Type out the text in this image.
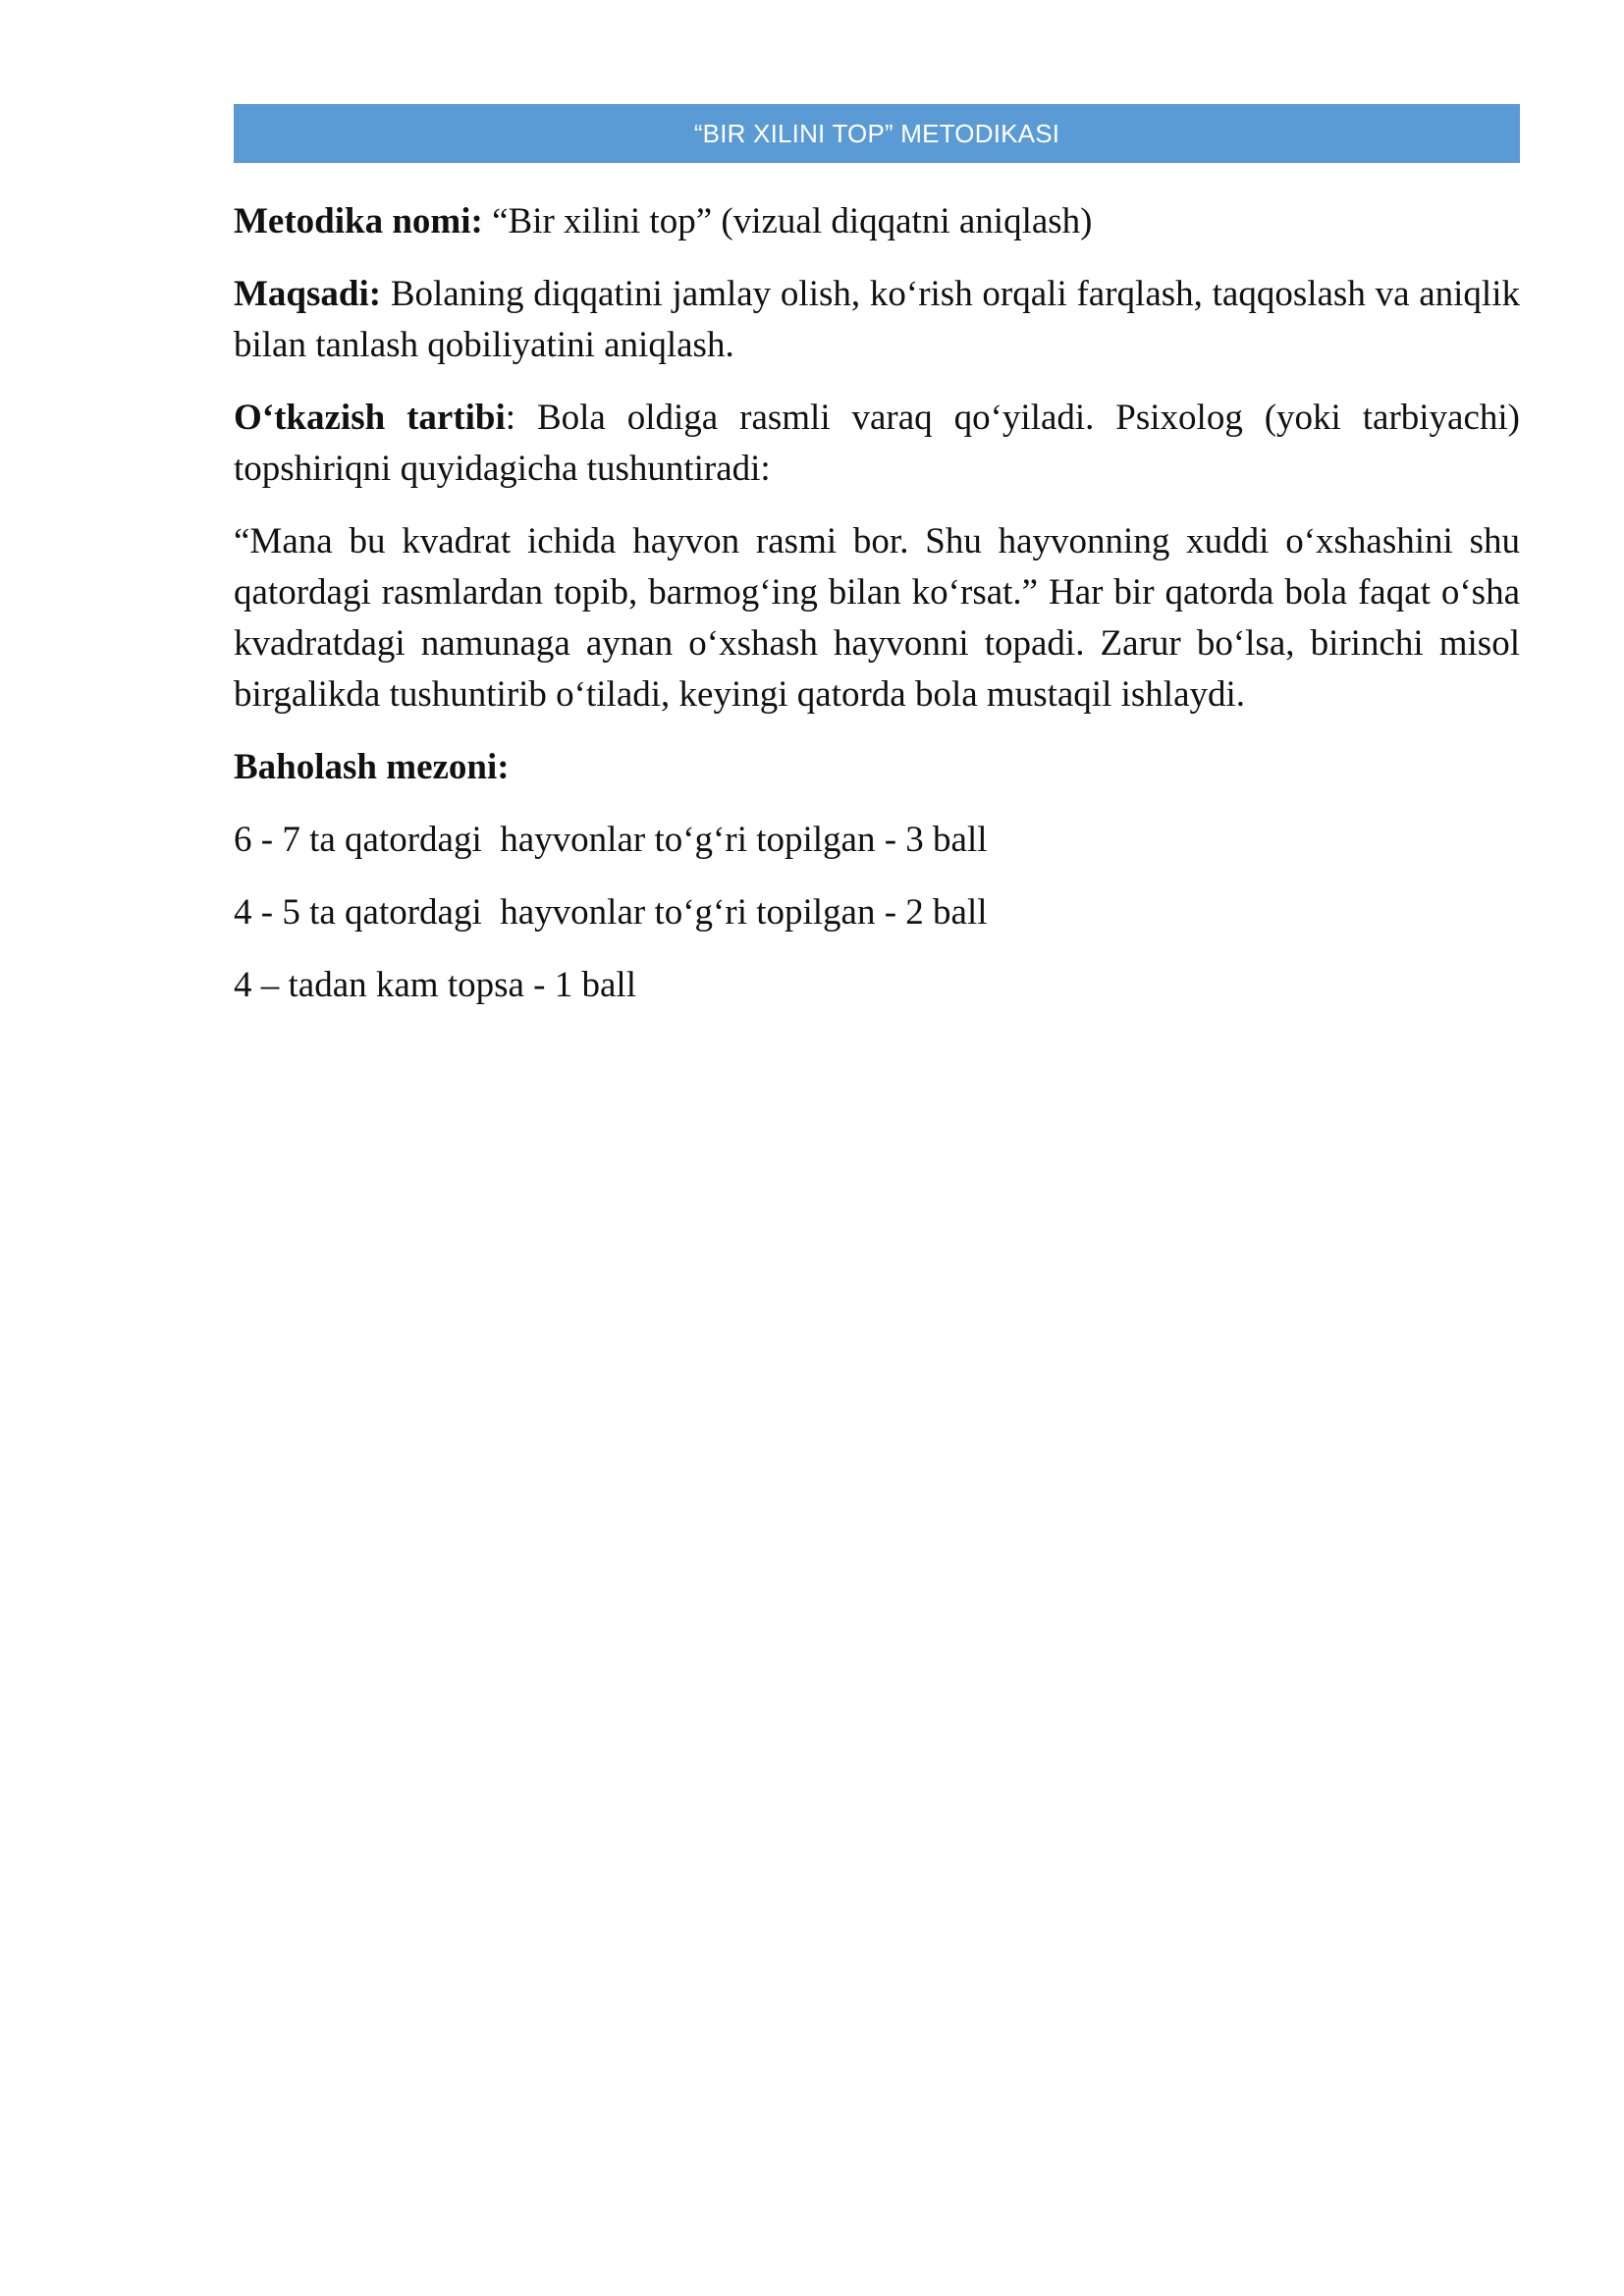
“BIR XILINI TOP” METODIKASI

Metodika nomi: “Bir xilini top” (vizual diqqatni aniqlash)

Maqsadi: Bolaning diqqatini jamlay olish, ko‘rish orqali farqlash, taqqoslash va aniqlik bilan tanlash qobiliyatini aniqlash.

O‘tkazish tartibi: Bola oldiga rasmli varaq qo‘yiladi. Psixolog (yoki tarbiyachi) topshiriqni quyidagicha tushuntiradi:

“Mana bu kvadrat ichida hayvon rasmi bor. Shu hayvonning xuddi o‘xshashini shu qatordagi rasmlardan topib, barmog‘ing bilan ko‘rsat.” Har bir qatorda bola faqat o‘sha kvadratdagi namunaga aynan o‘xshash hayvonni topadi. Zarur bo‘lsa, birinchi misol birgalikda tushuntirib o‘tiladi, keyingi qatorda bola mustaqil ishlaydi.

Baholash mezoni:

6 - 7 ta qatordagi  hayvonlar to‘g‘ri topilgan - 3 ball

4 - 5 ta qatordagi  hayvonlar to‘g‘ri topilgan - 2 ball

4 – tadan kam topsa - 1 ball
